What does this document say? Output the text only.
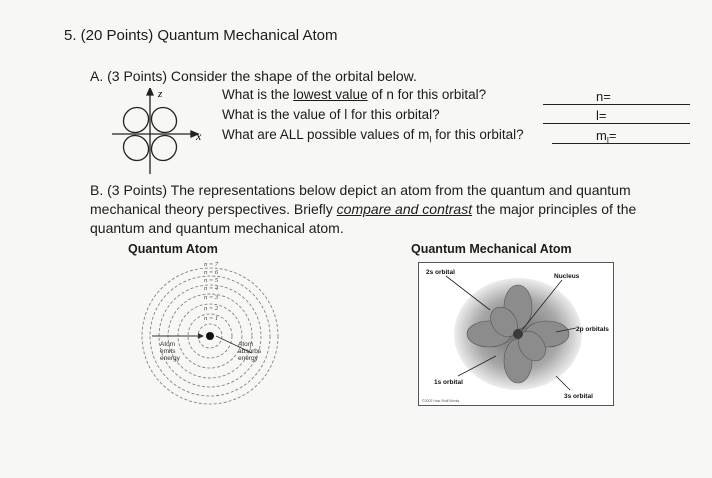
5. (20 Points) Quantum Mechanical Atom
A. (3 Points) Consider the shape of the orbital below.
z
x
What is the lowest value of n for this orbital?
What is the value of l for this orbital?
What are ALL possible values of $m_l$ for this orbital?
n=
l=
$m_l=$
B. (3 Points) The representations below depict an atom from the quantum and quantum mechanical theory perspectives. Briefly compare and contrast the major principles of the quantum and quantum mechanical atom.
Quantum Atom	Quantum Mechanical Atom
n = 7
n = 6
n = 5
n = 4
n = 3
n = 2
n = 1
Atom
emits
energy
Atom
absorbs
energy
2s orbital
Nucleus
2p orbitals
1s orbital
3s orbital
©2002 How Stuff Works
